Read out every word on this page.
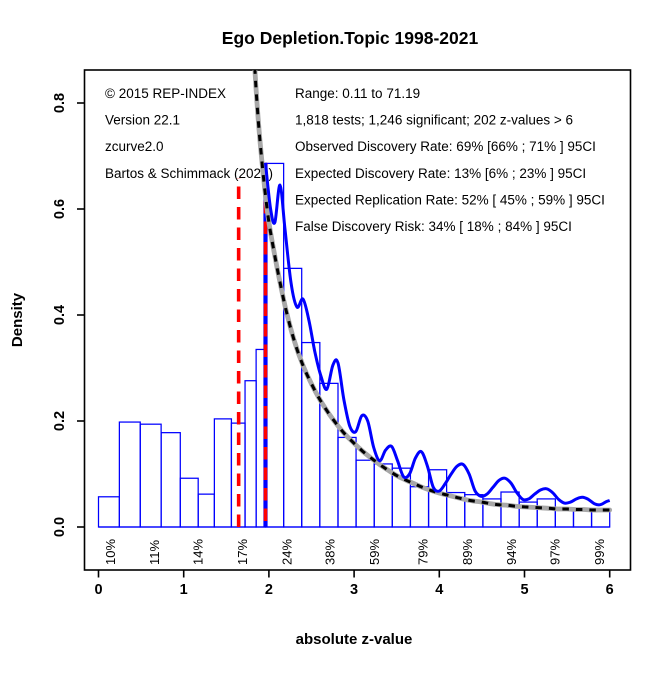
Ego Depletion.Topic 1998-2021
absolute z-value
Density
0	1	2	3	4	5	6
0.0
0.2
0.4
0.6
0.8	© 2015 REP-INDEX
Version 22.1
zcurve2.0
Bartos & Schimmack (2021)
Range: 0.11 to 71.19
1,818 tests; 1,246 significant; 202 z-values > 6
Observed Discovery Rate: 69% [66% ; 71% ] 95CI
Expected Discovery Rate: 13% [6% ; 23% ] 95CI
Expected Replication Rate: 52% [ 45% ; 59% ] 95CI
False Discovery Risk: 34% [ 18% ; 84% ] 95CI
10% 11% 14% 17% 24% 38% 59%	79% 89% 94% 97% 99%
